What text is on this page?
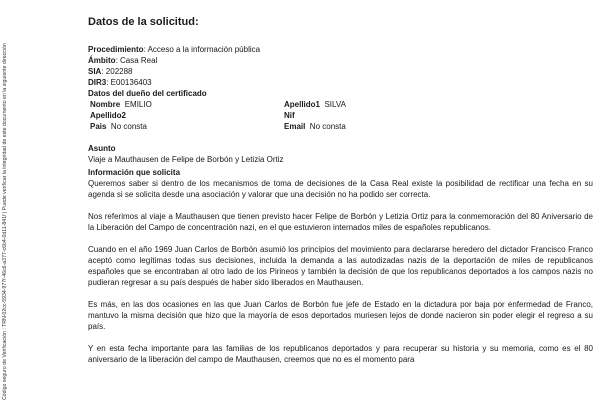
Código seguro de Verificación : TRN-02cc-5934-977f-46c6-a377-c6b4-0d11-841f | Puede verificar la integridad de este documento en la siguiente dirección
Datos de la solicitud:
Procedimiento: Acceso a la información pública
Ámbito: Casa Real
SIA: 202288
DIR3: E00136403
Datos del dueño del certificado
Nombre EMILIO	Apellido1 SILVA
Apellido2	Nif
Pais No consta	Email No consta
Asunto
Viaje a Mauthausen de Felipe de Borbón y Letizia Ortiz
Información que solicita

Queremos saber si dentro de los mecanismos de toma de decisiones de la Casa Real existe la posibilidad de rectificar una fecha en su agenda si se solicita desde una asociación y valorar que una decisión no ha podido ser correcta.

Nos referimos al viaje a Mauthausen que tienen previsto hacer Felipe de Borbón y Letizia Ortiz para la conmemoración del 80 Aniversario de la Liberación del Campo de concentración nazi, en el que estuvieron internados miles de españoles republicanos.

Cuando en el año 1969 Juan Carlos de Borbón asumió los principios del movimiento para declararse heredero del dictador Francisco Franco aceptó como legítimas todas sus decisiones, incluida la demanda a las autodizadas nazis de la deportación de miles de republicanos españoles que se encontraban al otro lado de los Pirineos y también la decisión de que los republicanos deportados a los campos nazis no pudieran regresar a su país después de haber sido liberados en Mauthausen.

Es más, en las dos ocasiones en las que Juan Carlos de Borbón fue jefe de Estado en la dictadura por baja por enfermedad de Franco, mantuvo la misma decisión que hizo que la mayoría de esos deportados muriesen lejos de donde nacieron sin poder elegir el regreso a su país.

Y en esta fecha importante para las familias de los republicanos deportados y para recuperar su historia y su memoria, como es el 80 aniversario de la liberación del campo de Mauthausen, creemos que no es el momento para
